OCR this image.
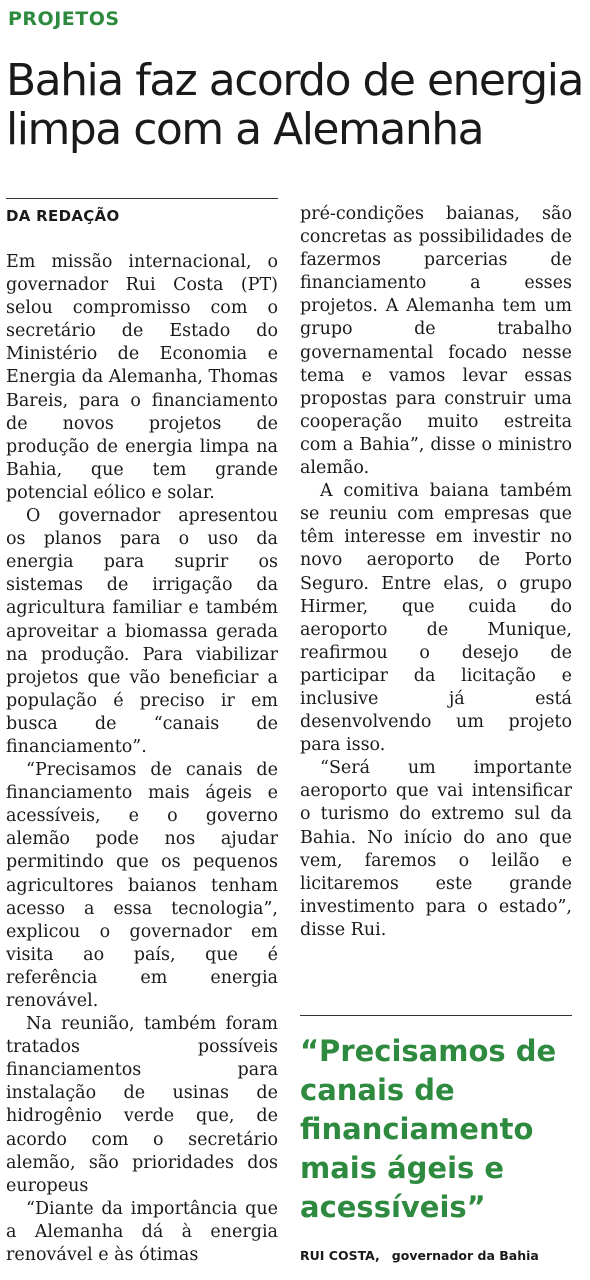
PROJETOS
Bahia faz acordo de energia limpa com a Alemanha
DA REDAÇÃO

Em missão internacional, o governador Rui Costa (PT) selou compromisso com o secretário de Estado do Ministério de Economia e Energia da Alemanha, Thomas Bareis, para o financiamento de novos projetos de produção de energia limpa na Bahia, que tem grande potencial eólico e solar.

O governador apresentou os planos para o uso da energia para suprir os sistemas de irrigação da agricultura familiar e também aproveitar a biomassa gerada na produção. Para viabilizar projetos que vão beneficiar a população é preciso ir em busca de “canais de financiamento”.

“Precisamos de canais de financiamento mais ágeis e acessíveis, e o governo alemão pode nos ajudar permitindo que os pequenos agricultores baianos tenham acesso a essa tecnologia”, explicou o governador em visita ao país, que é referência em energia renovável.

Na reunião, também foram tratados possíveis financiamentos para instalação de usinas de hidrogênio verde que, de acordo com o secretário alemão, são prioridades dos europeus

“Diante da importância que a Alemanha dá à energia renovável e às ótimas

pré-condições baianas, são concretas as possibilidades de fazermos parcerias de financiamento a esses projetos. A Alemanha tem um grupo de trabalho governamental focado nesse tema e vamos levar essas propostas para construir uma cooperação muito estreita com a Bahia”, disse o ministro alemão.

A comitiva baiana também se reuniu com empresas que têm interesse em investir no novo aeroporto de Porto Seguro. Entre elas, o grupo Hirmer, que cuida do aeroporto de Munique, reafirmou o desejo de participar da licitação e inclusive já está desenvolvendo um projeto para isso.

“Será um importante aeroporto que vai intensificar o turismo do extremo sul da Bahia. No início do ano que vem, faremos o leilão e licitaremos este grande investimento para o estado”, disse Rui.

“Precisamos de canais de financiamento mais ágeis e acessíveis”

RUI COSTA, governador da Bahia
